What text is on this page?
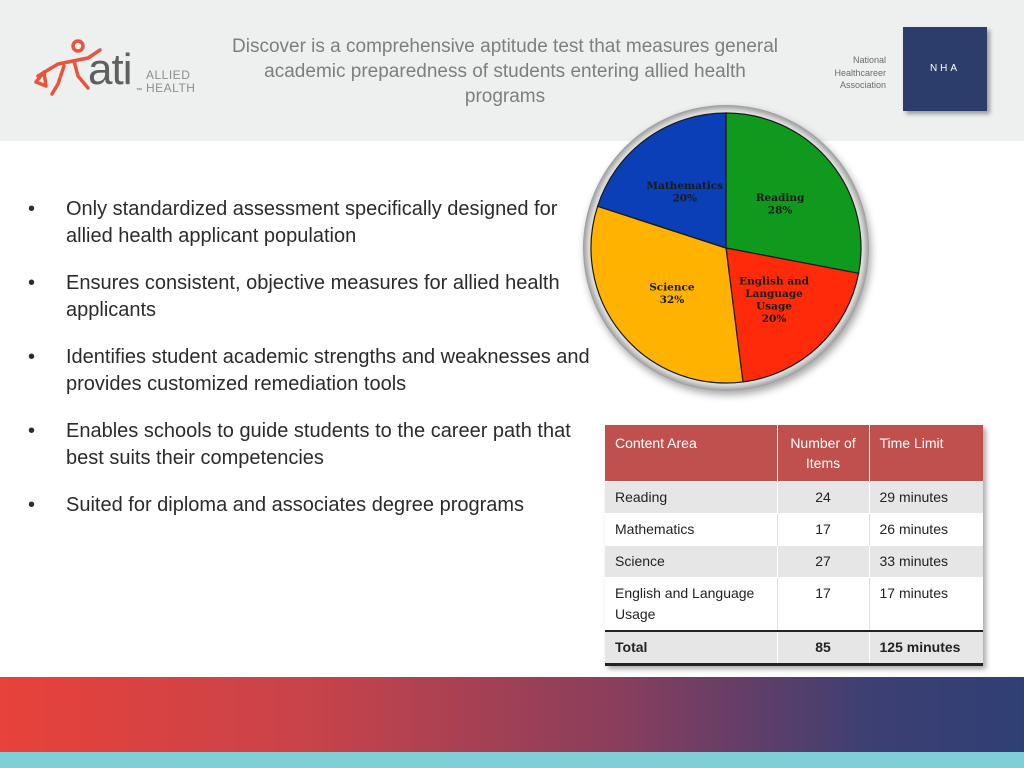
ati ™
ALLIED
HEALTH
Discover is a comprehensive aptitude test that measures general academic preparedness of students entering allied health programs
National
Healthcareer
Association
NHA
• Only standardized assessment specifically designed for allied health applicant population
• Ensures consistent, objective measures for allied health applicants
• Identifies student academic strengths and weaknesses and provides customized remediation tools
• Enables schools to guide students to the career path that best suits their competencies
• Suited for diploma and associates degree programs
Reading 28%
English and Language Usage 20%
Science 32%
Mathematics 20%
Content Area	Number of Items	Time Limit
Reading	24	29 minutes
Mathematics	17	26 minutes
Science	27	33 minutes
English and Language Usage	17	17 minutes
Total	85	125 minutes
